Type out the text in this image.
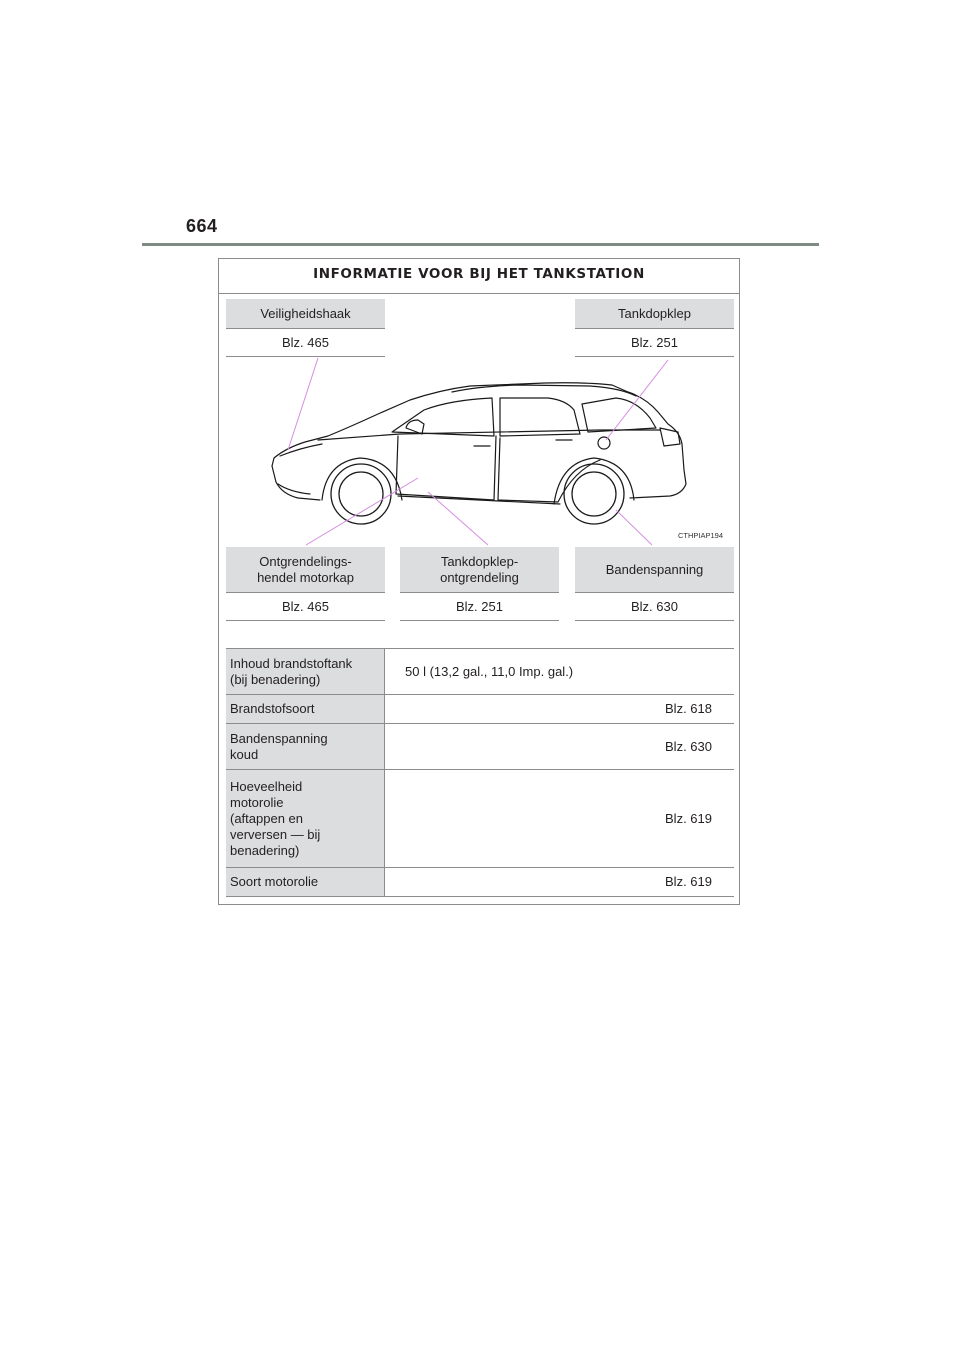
664
INFORMATIE VOOR BIJ HET TANKSTATION
Veiligheidshaak
Blz. 465
Tankdopklep
Blz. 251
CTHPIAP194
Ontgrendelings-
hendel motorkap
Blz. 465
Tankdopklep-
ontgrendeling
Blz. 251
Bandenspanning
Blz. 630
Inhoud brandstoftank
(bij benadering)
50 l (13,2 gal., 11,0 Imp. gal.)
Brandstofsoort	Blz. 618
Bandenspanning
koud
Blz. 630
Hoeveelheid
motorolie
(aftappen en
verversen — bij
benadering)
Blz. 619
Soort motorolie	Blz. 619
